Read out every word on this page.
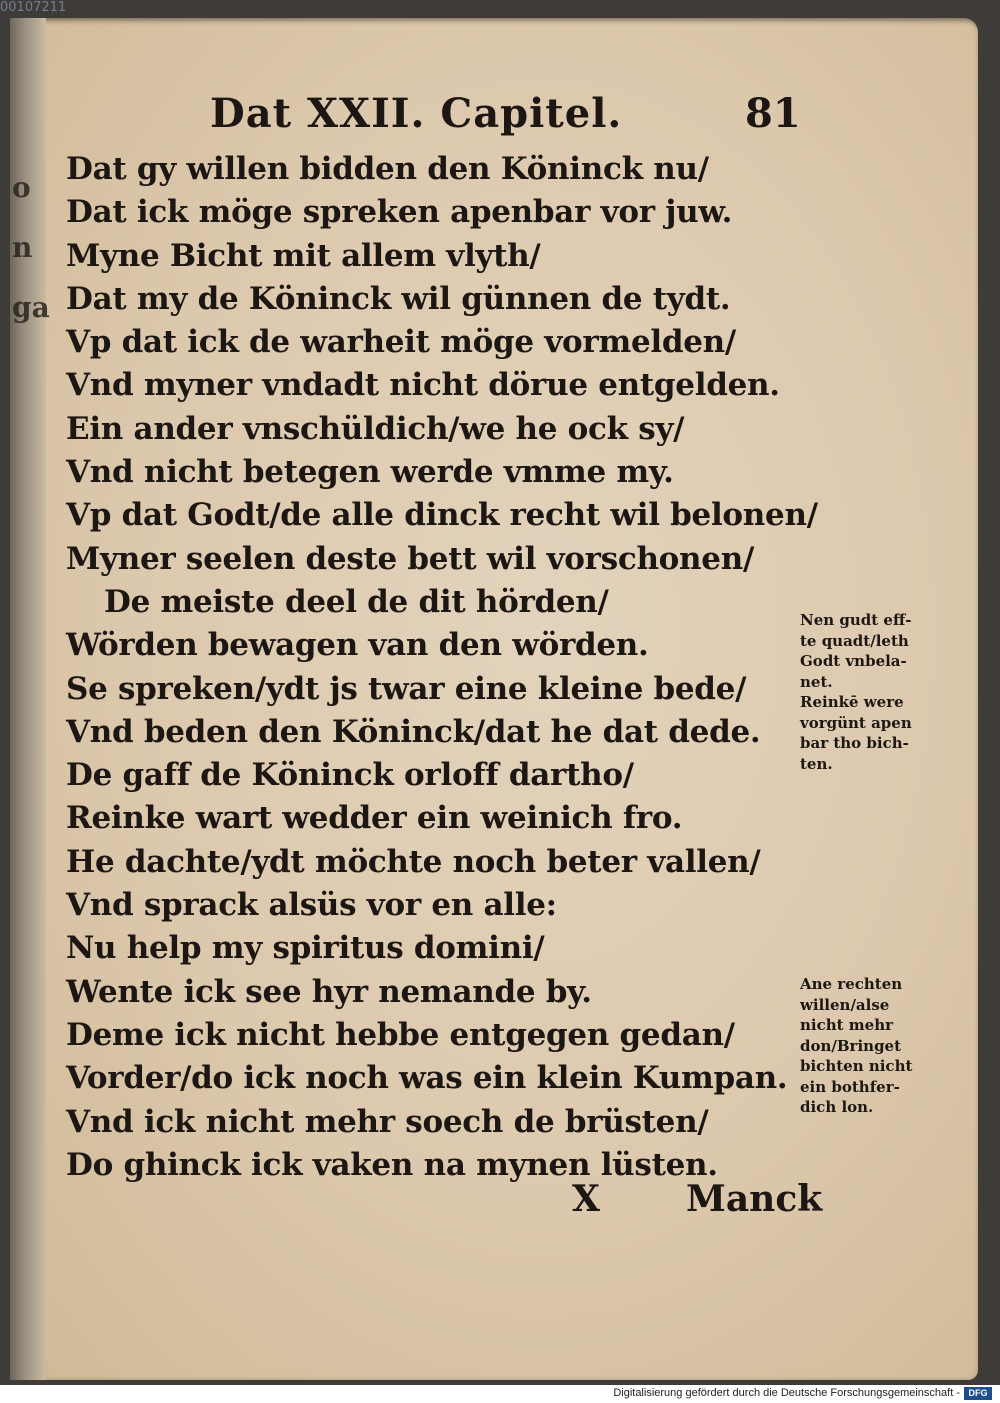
00107211
o
n
ga
Dat XXII. Capitel.	81
Dat gy willen bidden den Köninck nu/
Dat ick möge spreken apenbar vor juw.
Myne Bicht mit allem vlyth/
Dat my de Köninck wil günnen de tydt.
Vp dat ick de warheit möge vormelden/
Vnd myner vndadt nicht dörue entgelden.
Ein ander vnschüldich/we he ock sy/
Vnd nicht betegen werde vmme my.
Vp dat Godt/de alle dinck recht wil belonen/
Myner seelen deste bett wil vorschonen/
De meiste deel de dit hörden/
Wörden bewagen van den wörden.
Se spreken/ydt js twar eine kleine bede/
Vnd beden den Köninck/dat he dat dede.
De gaff de Köninck orloff dartho/
Reinke wart wedder ein weinich fro.
He dachte/ydt möchte noch beter vallen/
Vnd sprack alsüs vor en alle:
Nu help my spiritus domini/
Wente ick see hyr nemande by.
Deme ick nicht hebbe entgegen gedan/
Vorder/do ick noch was ein klein Kumpan.
Vnd ick nicht mehr soech de brüsten/
Do ghinck ick vaken na mynen lüsten.
Nen gudt eff-
te quadt/leth
Godt vnbela-
net.
Reinkē were
vorgünt apen
bar tho bich-
ten.
Ane rechten
willen/alse
nicht mehr
don/Bringet
bichten nicht
ein bothfer-
dich lon.
X Manck
Digitalisierung gefördert durch die Deutsche Forschungsgemeinschaft - DFG
